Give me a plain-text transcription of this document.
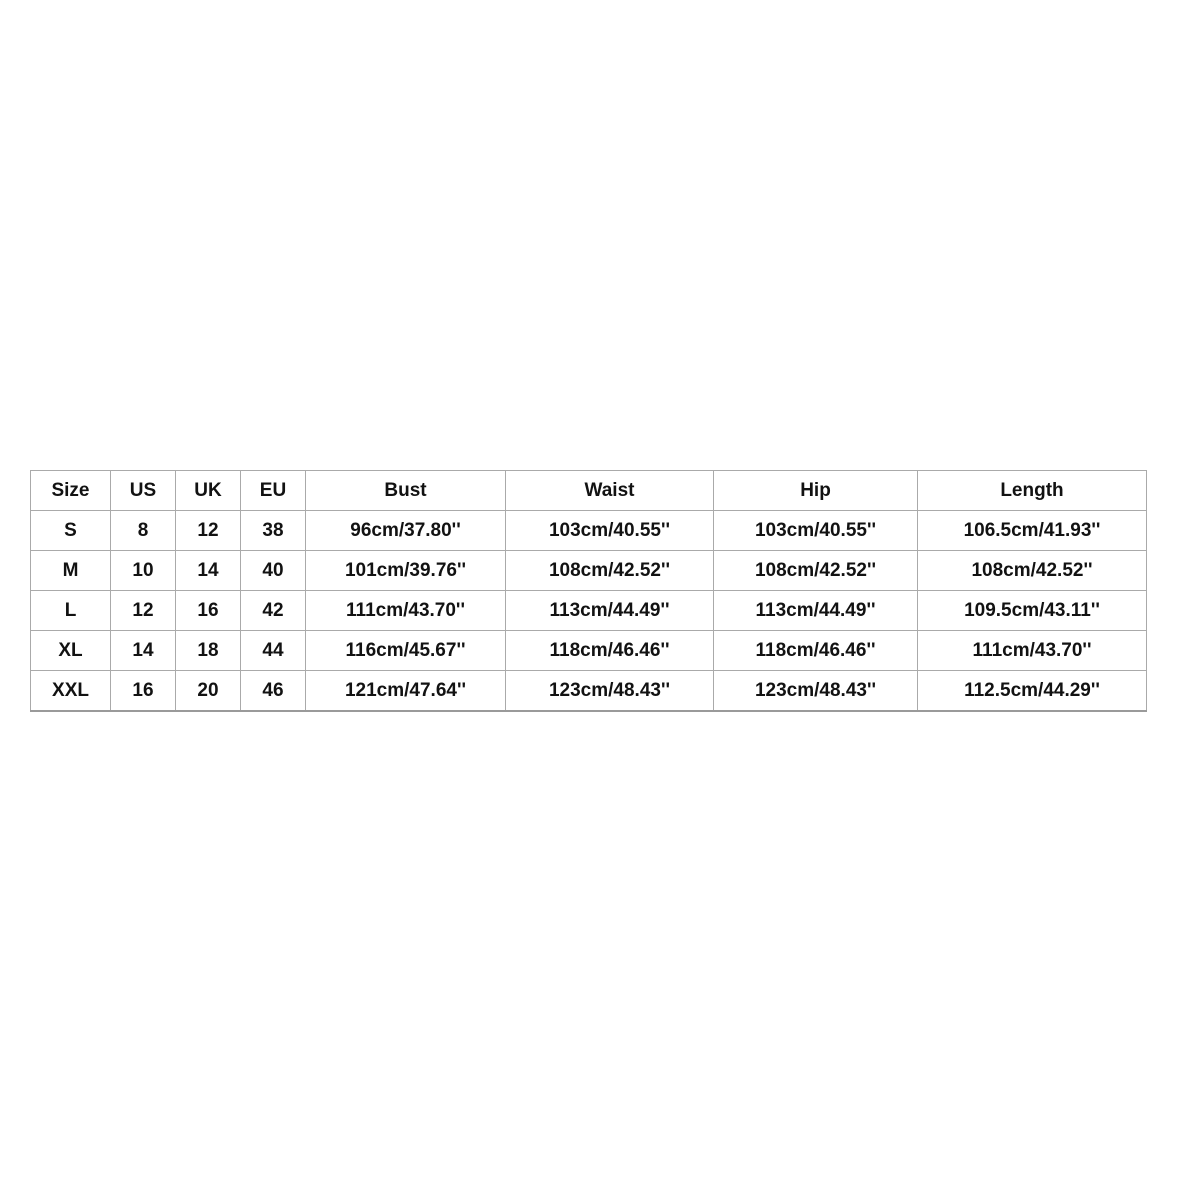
Size	US	UK	EU	Bust	Waist	Hip	Length
S	8	12	38	96cm/37.80''	103cm/40.55''	103cm/40.55''	106.5cm/41.93''
M	10	14	40	101cm/39.76''	108cm/42.52''	108cm/42.52''	108cm/42.52''
L	12	16	42	111cm/43.70''	113cm/44.49''	113cm/44.49''	109.5cm/43.11''
XL	14	18	44	116cm/45.67''	118cm/46.46''	118cm/46.46''	111cm/43.70''
XXL	16	20	46	121cm/47.64''	123cm/48.43''	123cm/48.43''	112.5cm/44.29''
